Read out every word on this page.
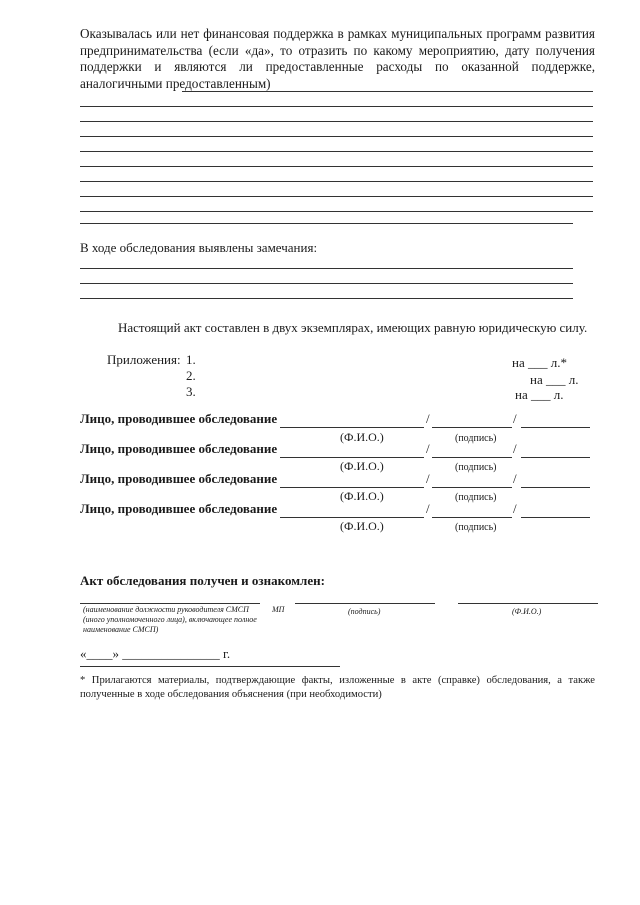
Оказывалась или нет финансовая поддержка в рамках муниципальных программ развития предпринимательства (если «да», то отразить по какому мероприятию, дату получения поддержки и являются ли предоставленные расходы по оказанной поддержке, аналогичными предоставленным)
В ходе обследования выявлены замечания:
Настоящий акт составлен в двух экземплярах, имеющих равную юридическую силу.
Приложения: 1.
2.
3.
на ___ л.*
на ___ л.
на ___ л.
Лицо, проводившее обследование	/	/
(Ф.И.О.)	(подпись)
Лицо, проводившее обследование	/	/
(Ф.И.О.)	(подпись)
Лицо, проводившее обследование	/	/
(Ф.И.О.)	(подпись)
Лицо, проводившее обследование	/	/
(Ф.И.О.)	(подпись)
Акт обследования получен и ознакомлен:
(наименование должности руководителя СМСП (иного уполномоченного лица), включающее полное наименование СМСП)
МП	(подпись)	(Ф.И.О.)
«____» _______________ г.
* Прилагаются материалы, подтверждающие факты, изложенные в акте (справке) обследования, а также полученные в ходе обследования объяснения (при необходимости)
